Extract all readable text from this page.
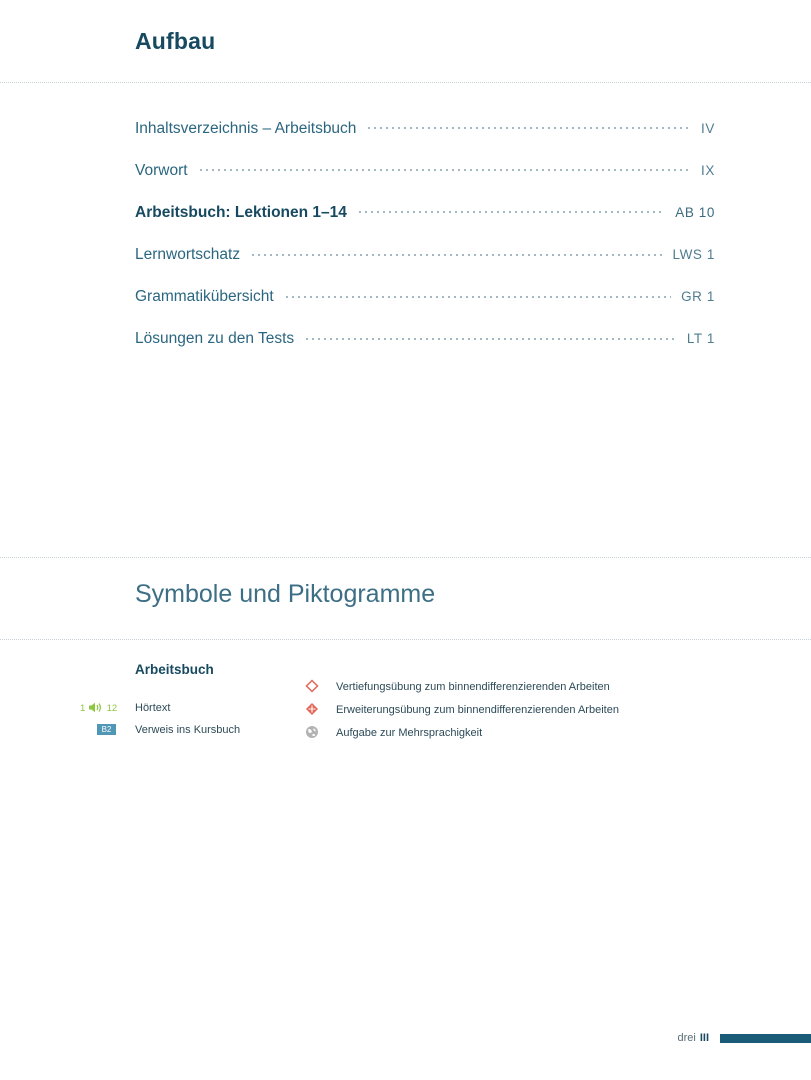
Aufbau
Inhaltsverzeichnis – Arbeitsbuch	IV
Vorwort	IX
Arbeitsbuch: Lektionen 1–14	AB 10
Lernwortschatz	LWS 1
Grammatikübersicht	GR 1
Lösungen zu den Tests	LT 1
Symbole und Piktogramme
Arbeitsbuch
1 12 Hörtext
B2	Verweis ins Kursbuch
Vertiefungsübung zum binnendifferenzierenden Arbeiten
Erweiterungsübung zum binnendifferenzierenden Arbeiten
Aufgabe zur Mehrsprachigkeit
drei III
